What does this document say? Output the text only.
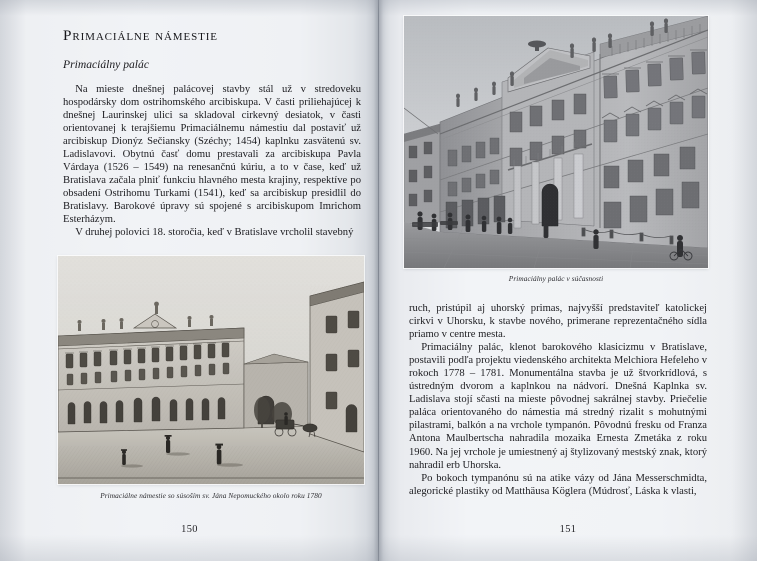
Primaciálne námestie
Primaciálny palác

Na mieste dnešnej palácovej stavby stál už v stredoveku hospodársky dom ostrihomského arcibiskupa. V časti priliehajúcej k dnešnej Laurinskej ulici sa skladoval cirkevný desiatok, v časti orientovanej k terajšiemu Primaciálnemu námestiu dal postaviť už arcibiskup Dionýz Sečiansky (Széchy; 1454) kaplnku zasvätenú sv. Ladislavovi. Obytnú časť domu prestavali za arcibiskupa Pavla Várdaya (1526 – 1549) na renesančnú kúriu, a to v čase, keď už Bratislava začala plniť funkciu hlavného mesta krajiny, respektíve po obsadení Ostrihomu Turkami (1541), keď sa arcibiskup presidlil do Bratislavy. Barokové úpravy sú spojené s arcibiskupom Imrichom Esterházym.

V druhej polovici 18. storočia, keď v Bratislave vrcholil stavebný

Primaciálne námestie so súsoším sv. Jána Nepomuckého okolo roku 1780
150
Primaciálny palác v súčasnosti

ruch, pristúpil aj uhorský primas, najvyšší predstaviteľ katolickej cirkvi v Uhorsku, k stavbe nového, primerane reprezentačného sídla priamo v centre mesta.

Primaciálny palác, klenot barokového klasicizmu v Bratislave, postavili podľa projektu viedenského architekta Melchiora Hefeleho v rokoch 1778 – 1781. Monumentálna stavba je už štvorkrídlová, s ústredným dvorom a kaplnkou na nádvorí. Dnešná Kaplnka sv. Ladislava stojí sčasti na mieste pôvodnej sakrálnej stavby. Priečelie paláca orientovaného do námestia má stredný rizalit s mohutnými pilastrami, balkón a na vrchole tympanón. Pôvodnú fresku od Franza Antona Maulbertscha nahradila mozaika Ernesta Zmetáka z roku 1960. Na jej vrchole je umiestnený aj štylizovaný mestský znak, ktorý nahradil erb Uhorska.

Po bokoch tympanónu sú na atike vázy od Jána Messerschmidta, alegorické plastiky od Matthäusa Köglera (Múdrosť, Láska k vlasti,

151
